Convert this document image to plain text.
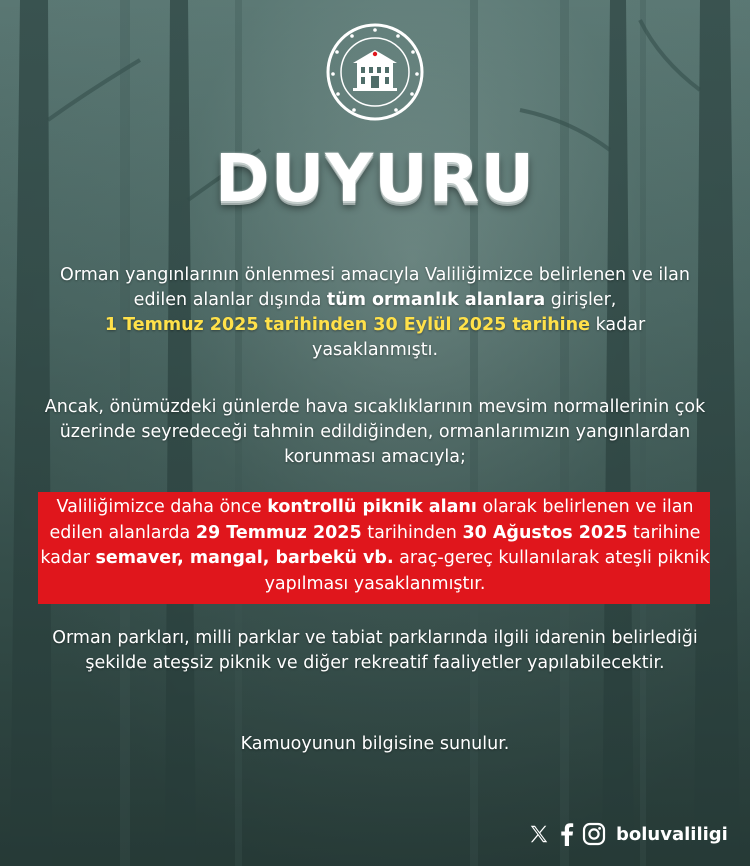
DUYURU
Orman yangınlarının önlenmesi amacıyla Valiliğimizce belirlenen ve ilan edilen alanlar dışında tüm ormanlık alanlara girişler,
1 Temmuz 2025 tarihinden 30 Eylül 2025 tarihine kadar yasaklanmıştı.
Ancak, önümüzdeki günlerde hava sıcaklıklarının mevsim normallerinin çok üzerinde seyredeceği tahmin edildiğinden, ormanlarımızın yangınlardan korunması amacıyla;
Valiliğimizce daha önce kontrollü piknik alanı olarak belirlenen ve ilan edilen alanlarda 29 Temmuz 2025 tarihinden 30 Ağustos 2025 tarihine kadar semaver, mangal, barbekü vb. araç-gereç kullanılarak ateşli piknik yapılması yasaklanmıştır.
Orman parkları, milli parklar ve tabiat parklarında ilgili idarenin belirlediği şekilde ateşsiz piknik ve diğer rekreatif faaliyetler yapılabilecektir.
Kamuoyunun bilgisine sunulur.
boluvaliligi
